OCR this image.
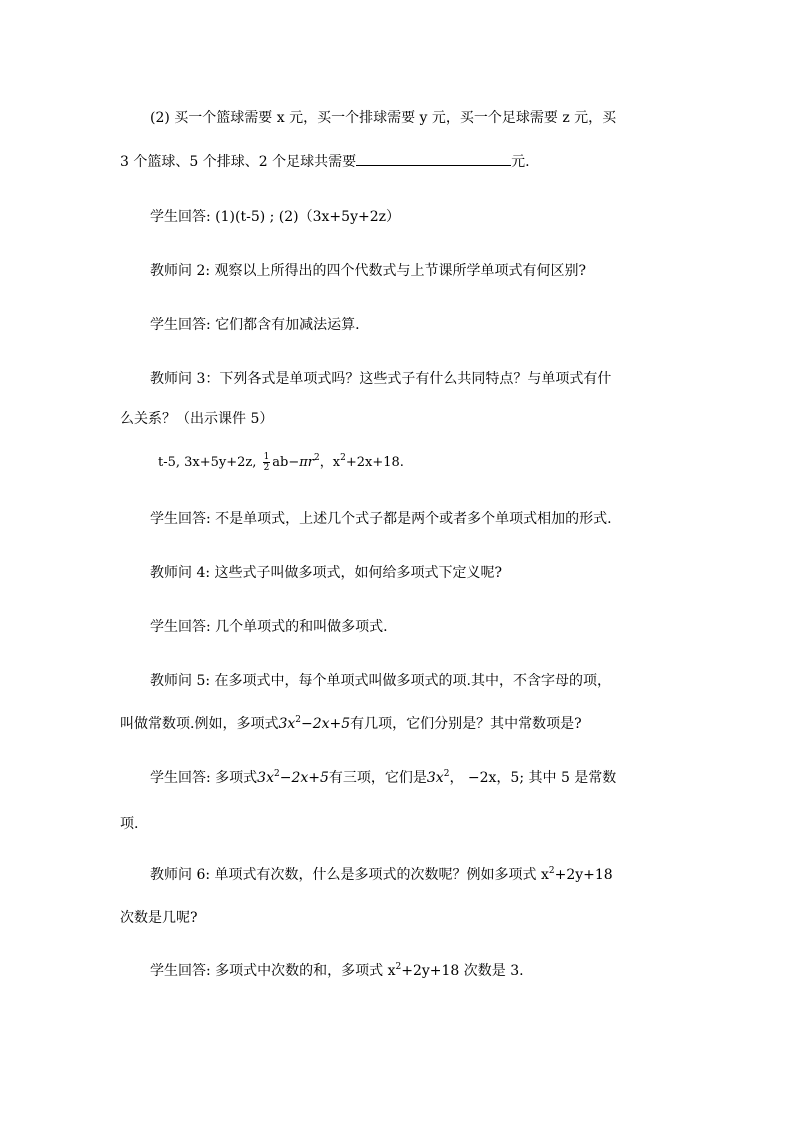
(2) 买一个篮球需要 x 元，买一个排球需要 y 元，买一个足球需要 z 元，买
3 个篮球、5 个排球、2 个足球共需要	元.
学生回答: (1)(t-5) ; (2)（3x+5y+2z）
教师问 2: 观察以上所得出的四个代数式与上节课所学单项式有何区别?
学生回答: 它们都含有加减法运算.
教师问 3：下列各式是单项式吗？这些式子有什么共同特点？与单项式有什
么关系？（出示课件 5）
t-5, 3x+5y+2z, $\frac{1}{2} ab-\pi r^2$，$x^2+2x+18$.
学生回答: 不是单项式，上述几个式子都是两个或者多个单项式相加的形式.
教师问 4: 这些式子叫做多项式，如何给多项式下定义呢?
学生回答: 几个单项式的和叫做多项式.
教师问 5: 在多项式中，每个单项式叫做多项式的项.其中，不含字母的项，
叫做常数项.例如，多项式$3x^2-2x+5$有几项，它们分别是？其中常数项是?
学生回答: 多项式$3x^2-2x+5$有三项，它们是$3x^2$， −2x，5; 其中 5 是常数
项.
教师问 6: 单项式有次数，什么是多项式的次数呢？例如多项式 $x^2+2y+18$
次数是几呢?
学生回答: 多项式中次数的和，多项式 $x^2+2y+18$ 次数是 3.
